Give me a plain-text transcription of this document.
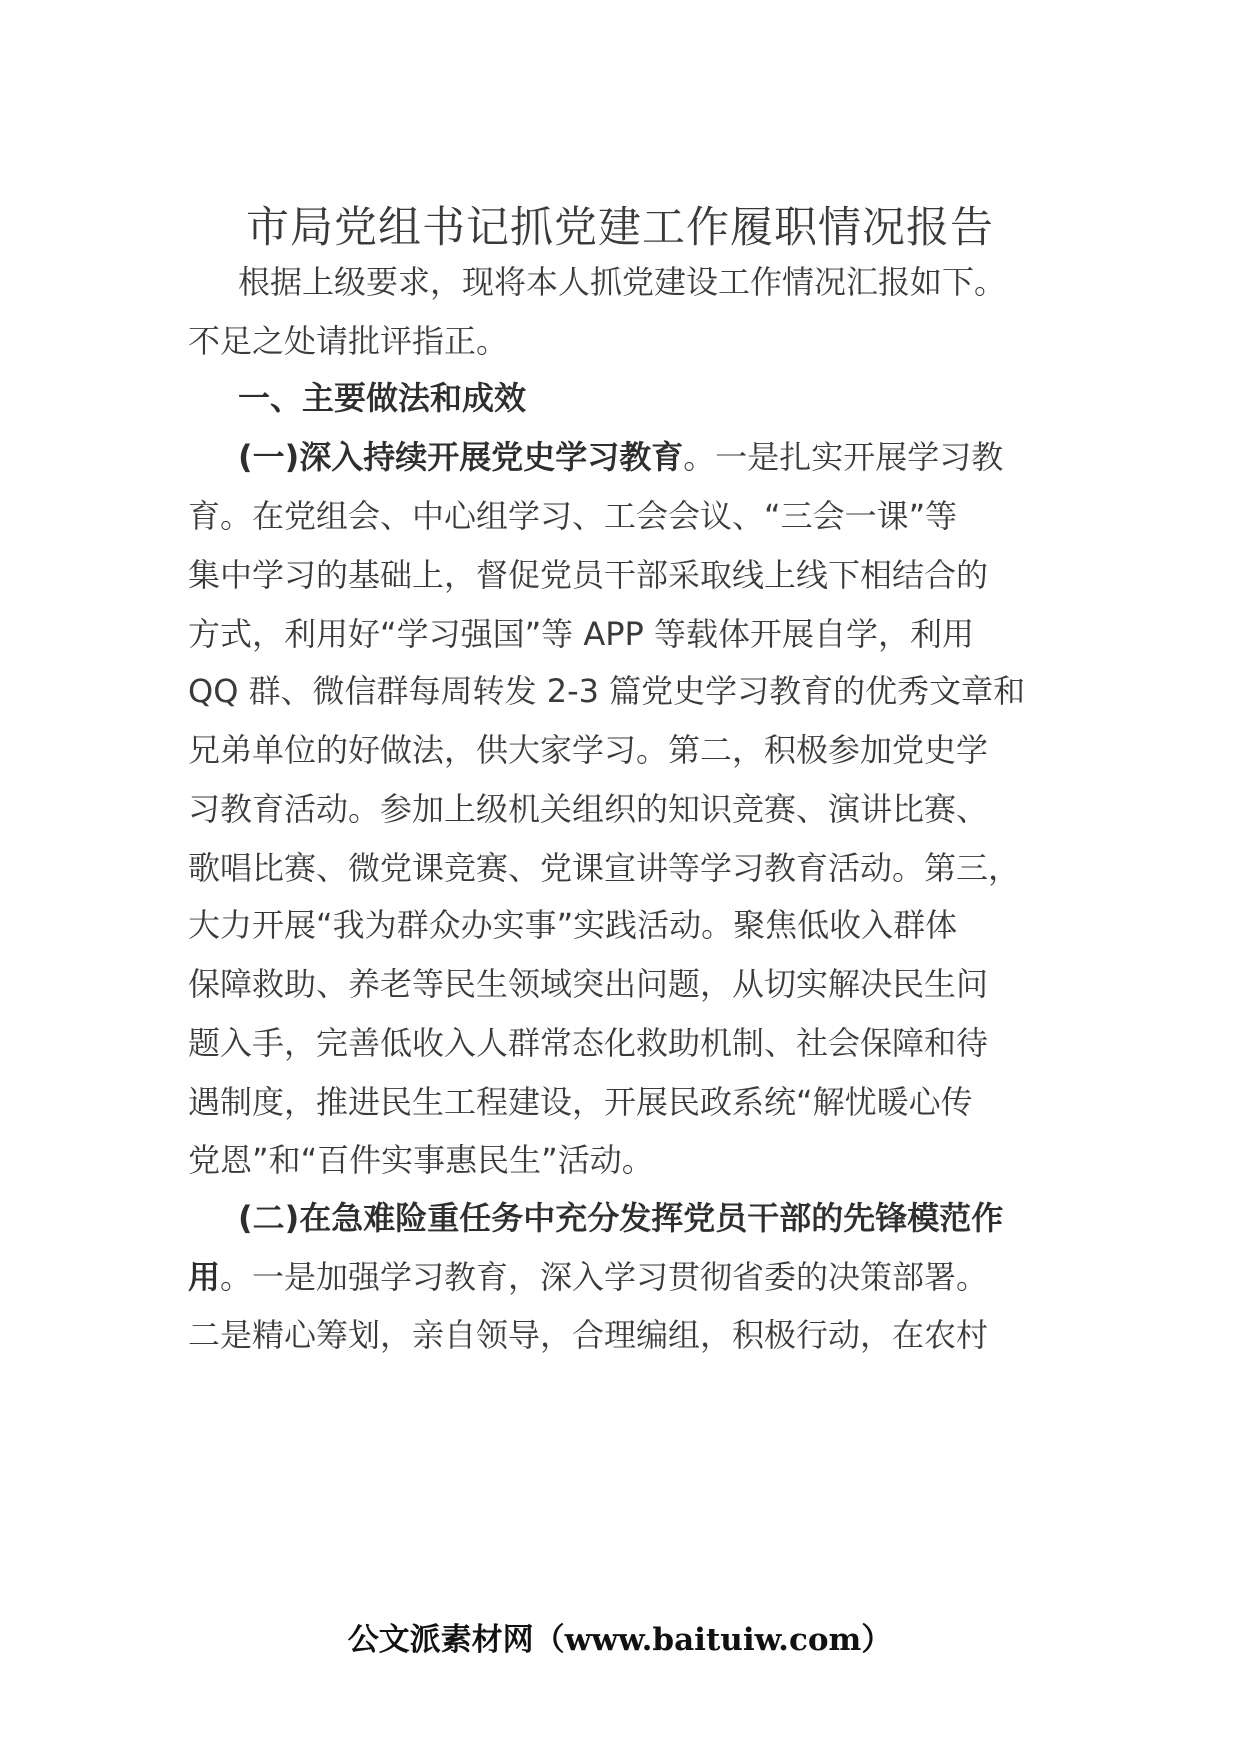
市局党组书记抓党建工作履职情况报告

根据上级要求，现将本人抓党建设工作情况汇报如下。

不足之处请批评指正。

一、主要做法和成效

(一)深入持续开展党史学习教育。一是扎实开展学习教

育。在党组会、中心组学习、工会会议、“三会一课”等

集中学习的基础上，督促党员干部采取线上线下相结合的

方式，利用好“学习强国”等 APP 等载体开展自学，利用

QQ 群、微信群每周转发 2-3 篇党史学习教育的优秀文章和

兄弟单位的好做法，供大家学习。第二，积极参加党史学

习教育活动。参加上级机关组织的知识竞赛、演讲比赛、

歌唱比赛、微党课竞赛、党课宣讲等学习教育活动。第三，

大力开展“我为群众办实事”实践活动。聚焦低收入群体

保障救助、养老等民生领域突出问题，从切实解决民生问

题入手，完善低收入人群常态化救助机制、社会保障和待

遇制度，推进民生工程建设，开展民政系统“解忧暖心传

党恩”和“百件实事惠民生”活动。

(二)在急难险重任务中充分发挥党员干部的先锋模范作

用。一是加强学习教育，深入学习贯彻省委的决策部署。

二是精心筹划，亲自领导，合理编组，积极行动，在农村

公文派素材网（www.baituiw.com）
